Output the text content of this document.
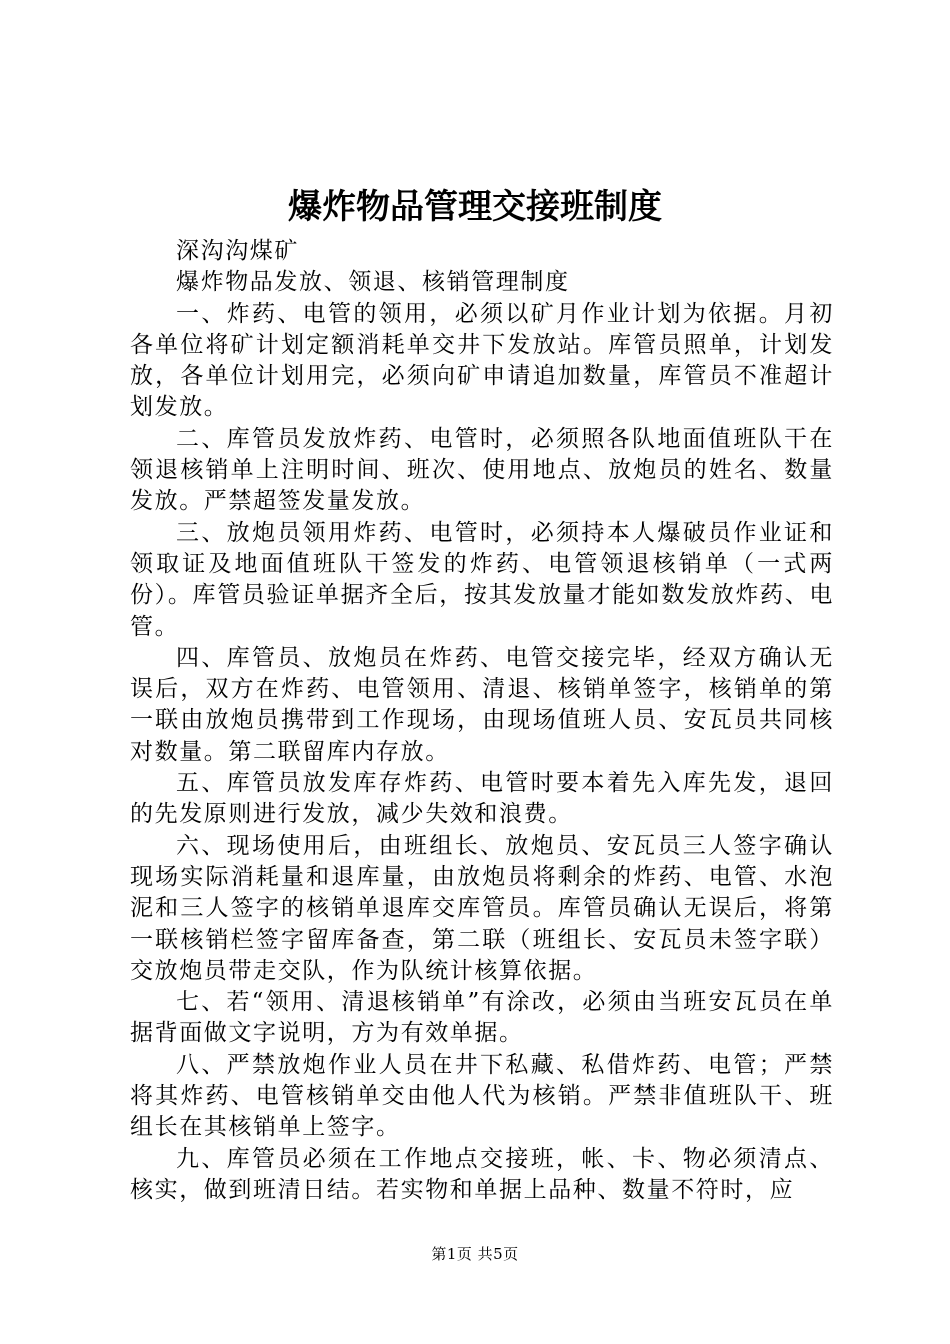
爆炸物品管理交接班制度

深沟沟煤矿

爆炸物品发放、领退、核销管理制度

一、炸药、电管的领用，必须以矿月作业计划为依据。月初各单位将矿计划定额消耗单交井下发放站。库管员照单，计划发放，各单位计划用完，必须向矿申请追加数量，库管员不准超计划发放。

二、库管员发放炸药、电管时，必须照各队地面值班队干在领退核销单上注明时间、班次、使用地点、放炮员的姓名、数量发放。严禁超签发量发放。

三、放炮员领用炸药、电管时，必须持本人爆破员作业证和领取证及地面值班队干签发的炸药、电管领退核销单（一式两份）。库管员验证单据齐全后，按其发放量才能如数发放炸药、电管。

四、库管员、放炮员在炸药、电管交接完毕，经双方确认无误后，双方在炸药、电管领用、清退、核销单签字，核销单的第一联由放炮员携带到工作现场，由现场值班人员、安瓦员共同核对数量。第二联留库内存放。

五、库管员放发库存炸药、电管时要本着先入库先发，退回的先发原则进行发放，减少失效和浪费。

六、现场使用后，由班组长、放炮员、安瓦员三人签字确认现场实际消耗量和退库量，由放炮员将剩余的炸药、电管、水泡泥和三人签字的核销单退库交库管员。库管员确认无误后，将第一联核销栏签字留库备查，第二联（班组长、安瓦员未签字联）交放炮员带走交队，作为队统计核算依据。

七、若“领用、清退核销单”有涂改，必须由当班安瓦员在单据背面做文字说明，方为有效单据。

八、严禁放炮作业人员在井下私藏、私借炸药、电管；严禁将其炸药、电管核销单交由他人代为核销。严禁非值班队干、班组长在其核销单上签字。

九、库管员必须在工作地点交接班，帐、卡、物必须清点、核实，做到班清日结。若实物和单据上品种、数量不符时，应

第1页 共5页
